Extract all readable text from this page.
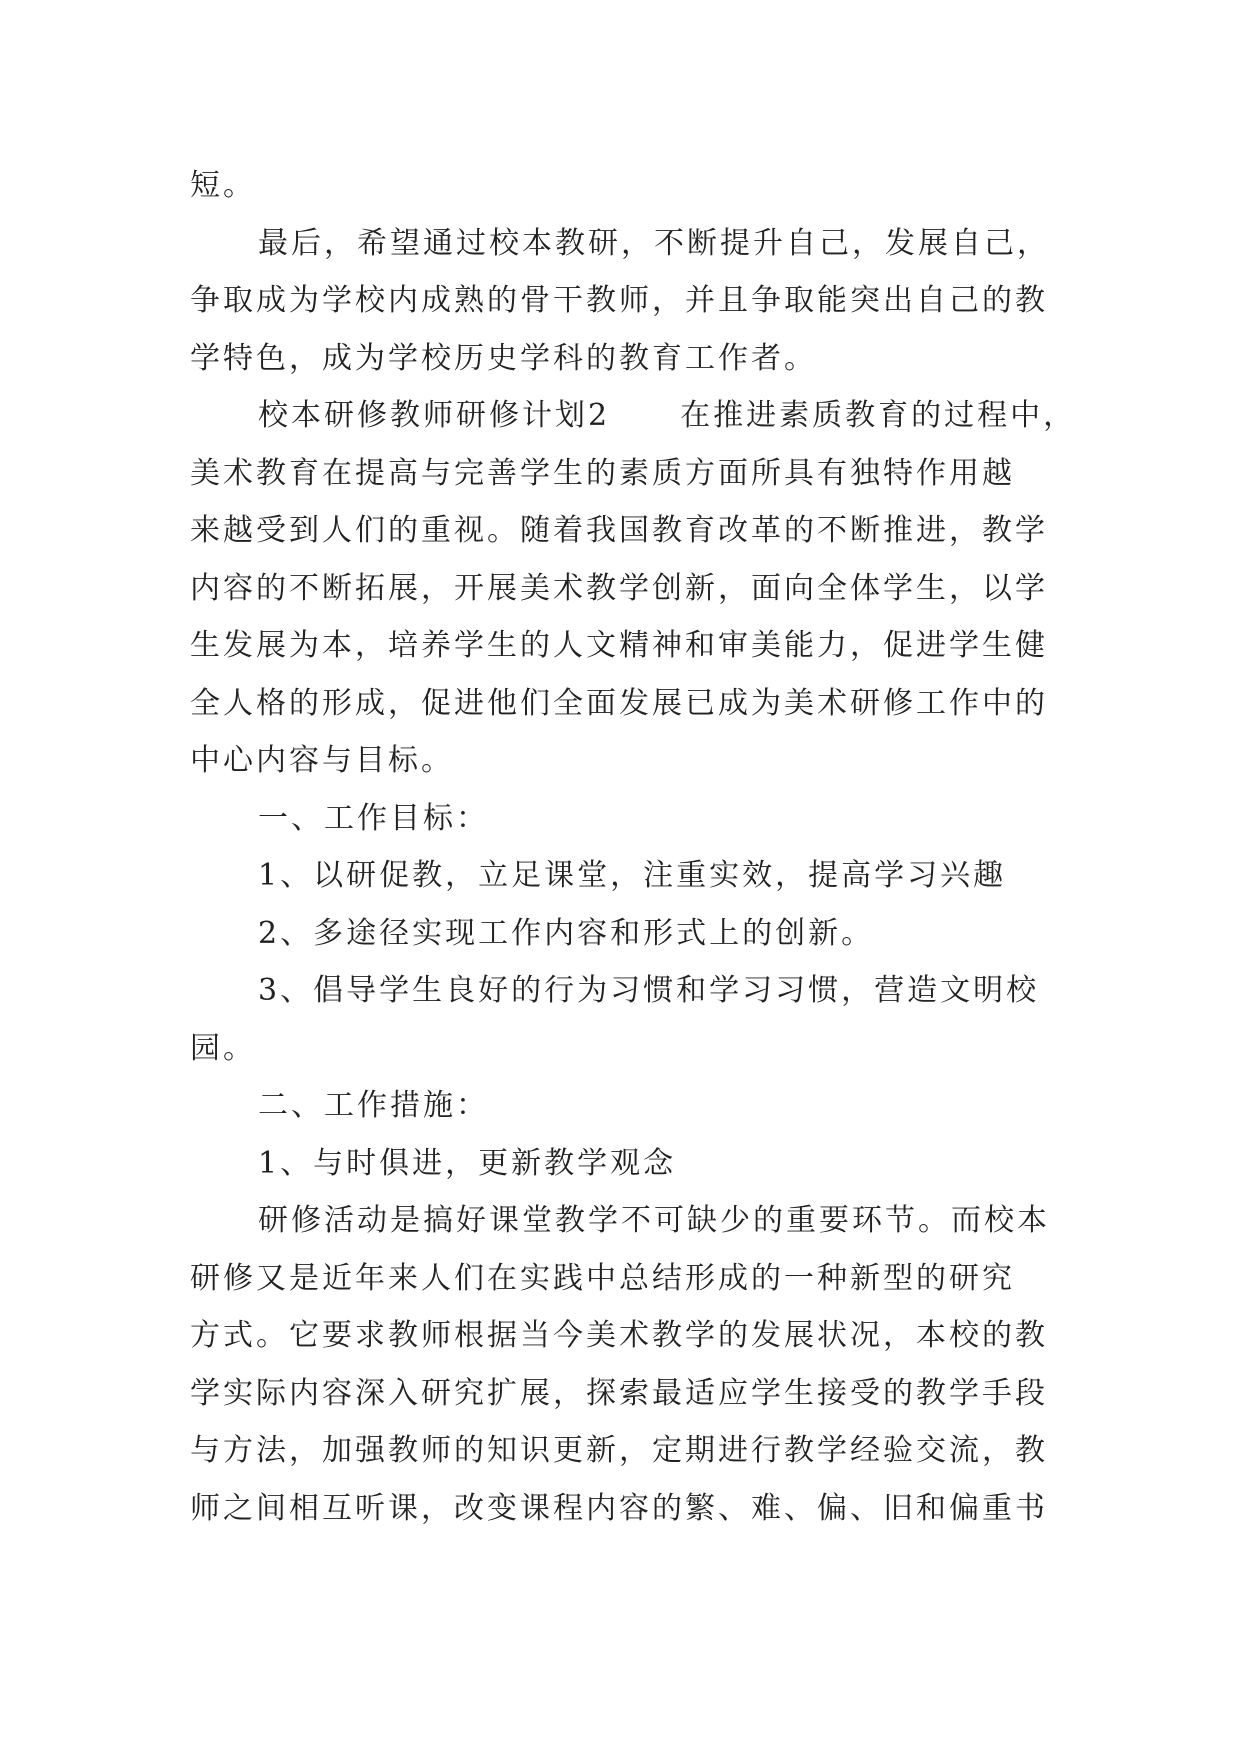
短。
最后，希望通过校本教研，不断提升自己，发展自己，
争取成为学校内成熟的骨干教师，并且争取能突出自己的教
学特色，成为学校历史学科的教育工作者。
校本研修教师研修计划2 在推进素质教育的过程中，
美术教育在提高与完善学生的素质方面所具有独特作用越
来越受到人们的重视。随着我国教育改革的不断推进，教学
内容的不断拓展，开展美术教学创新，面向全体学生，以学
生发展为本，培养学生的人文精神和审美能力，促进学生健
全人格的形成，促进他们全面发展已成为美术研修工作中的
中心内容与目标。
一、工作目标：
1、以研促教，立足课堂，注重实效，提高学习兴趣
2、多途径实现工作内容和形式上的创新。
3、倡导学生良好的行为习惯和学习习惯，营造文明校
园。
二、工作措施：
1、与时俱进，更新教学观念
研修活动是搞好课堂教学不可缺少的重要环节。而校本
研修又是近年来人们在实践中总结形成的一种新型的研究
方式。它要求教师根据当今美术教学的发展状况，本校的教
学实际内容深入研究扩展，探索最适应学生接受的教学手段
与方法，加强教师的知识更新，定期进行教学经验交流，教
师之间相互听课，改变课程内容的繁、难、偏、旧和偏重书
